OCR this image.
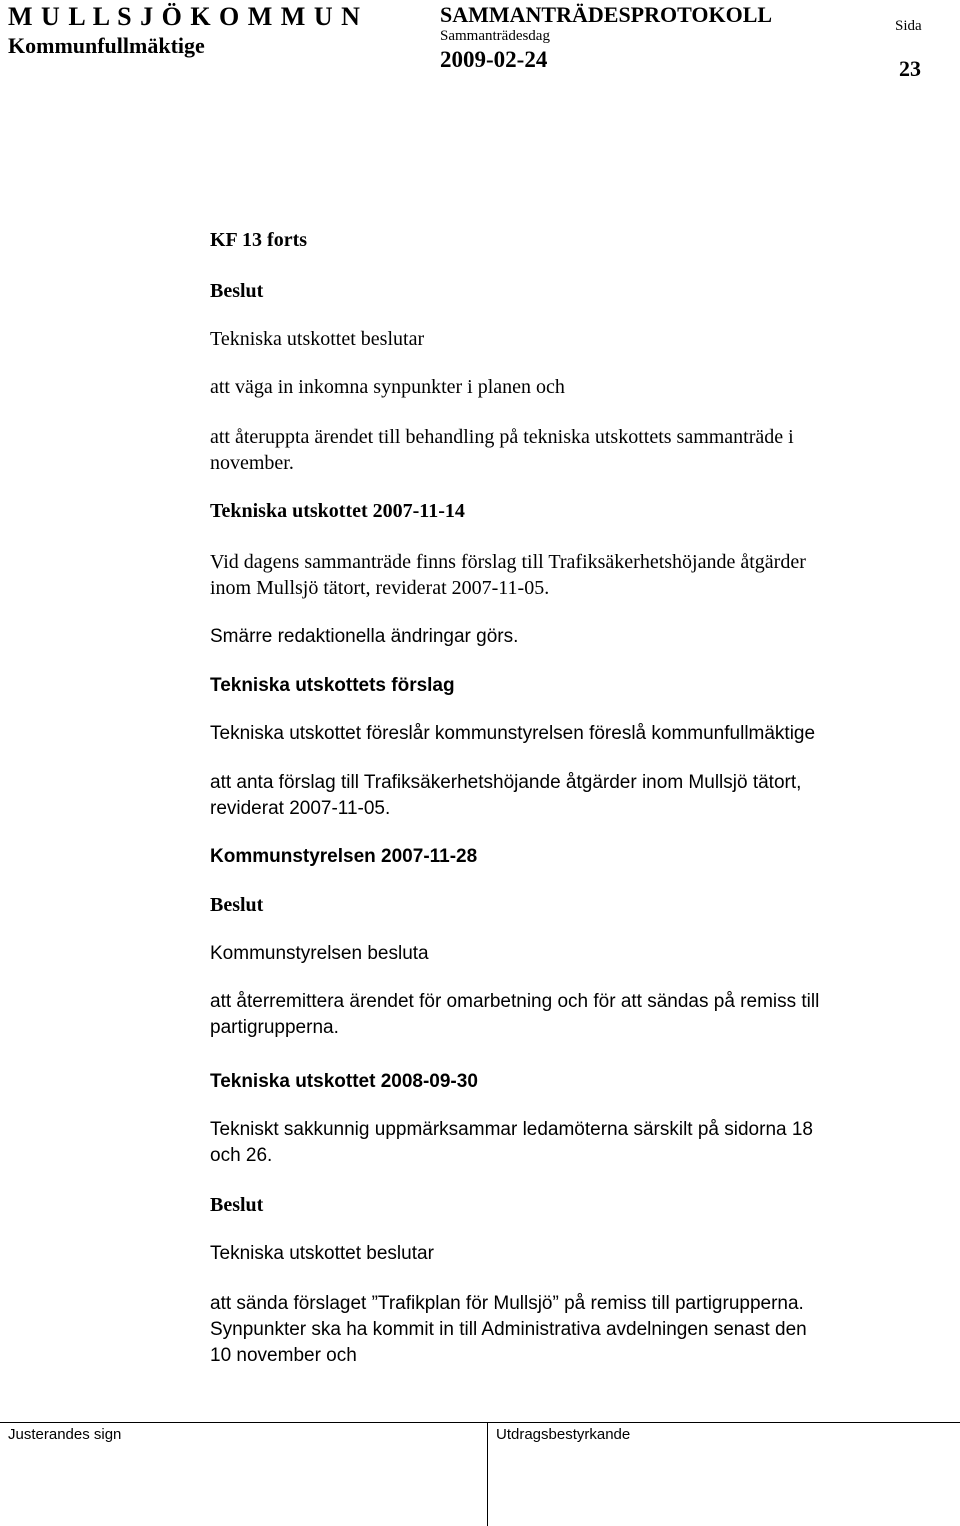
M U L L S J Ö K O M M U N
Kommunfullmäktige
SAMMANTRÄDESPROTOKOLL
Sammanträdesdag
2009-02-24
Sida
23
KF 13 forts
Beslut
Tekniska utskottet beslutar
att väga in inkomna synpunkter i planen och
att återuppta ärendet till behandling på tekniska utskottets sammanträde i
november.
Tekniska utskottet 2007-11-14
Vid dagens sammanträde finns förslag till Trafiksäkerhetshöjande åtgärder
inom Mullsjö tätort, reviderat 2007-11-05.
Smärre redaktionella ändringar görs.
Tekniska utskottets förslag
Tekniska utskottet föreslår kommunstyrelsen föreslå kommunfullmäktige
att anta förslag till Trafiksäkerhetshöjande åtgärder inom Mullsjö tätort,
reviderat 2007-11-05.
Kommunstyrelsen 2007-11-28
Beslut
Kommunstyrelsen besluta
att återremittera ärendet för omarbetning och för att sändas på remiss till
partigrupperna.
Tekniska utskottet 2008-09-30
Tekniskt sakkunnig uppmärksammar ledamöterna särskilt på sidorna 18
och 26.
Beslut
Tekniska utskottet beslutar
att sända förslaget ”Trafikplan för Mullsjö” på remiss till partigrupperna.
Synpunkter ska ha kommit in till Administrativa avdelningen senast den
10 november och
Justerandes sign	Utdragsbestyrkande
